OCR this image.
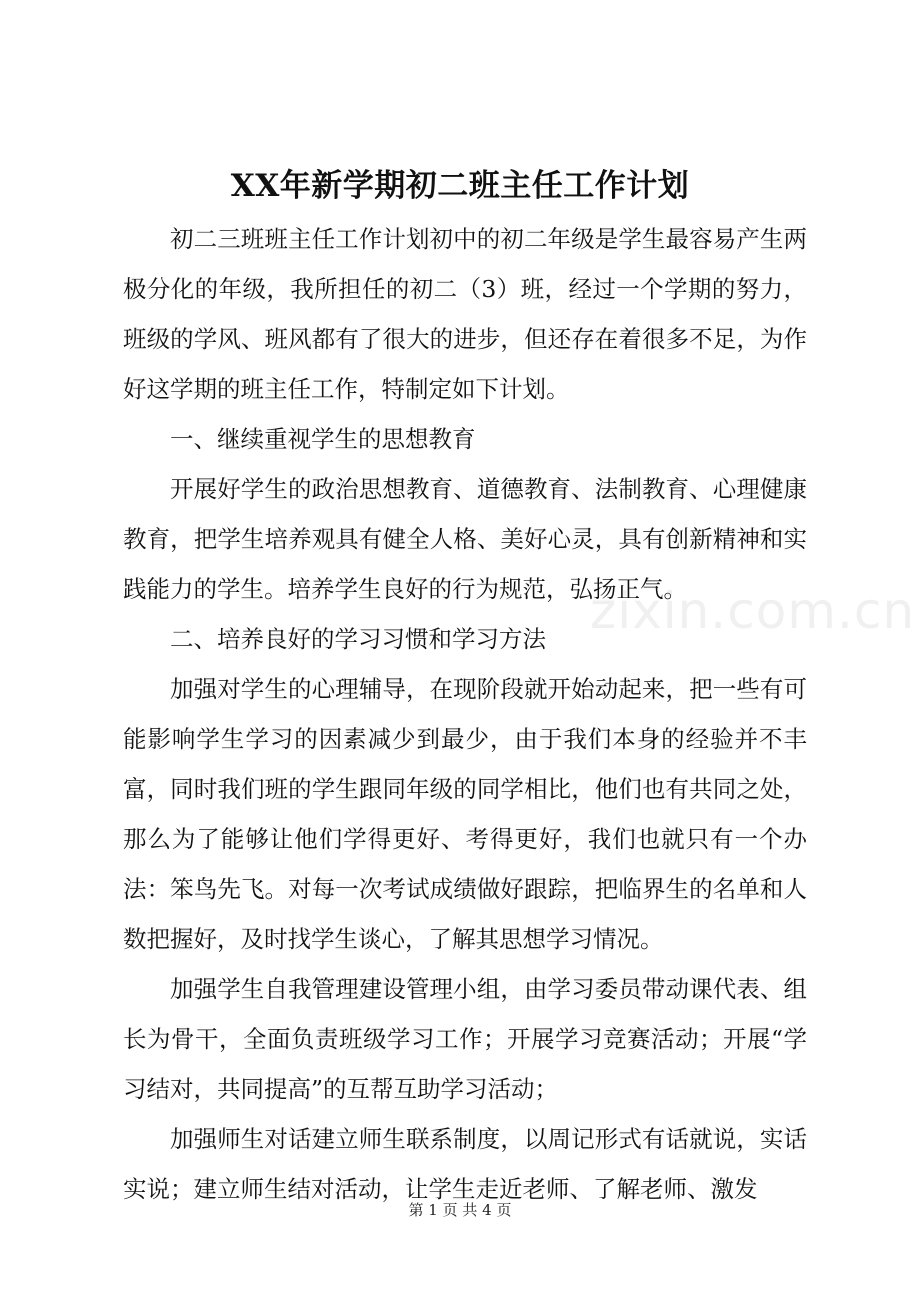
XX年新学期初二班主任工作计划

初二三班班主任工作计划初中的初二年级是学生最容易产生两极分化的年级，我所担任的初二（3）班，经过一个学期的努力，班级的学风、班风都有了很大的进步，但还存在着很多不足，为作好这学期的班主任工作，特制定如下计划。

一、继续重视学生的思想教育

开展好学生的政治思想教育、道德教育、法制教育、心理健康教育，把学生培养观具有健全人格、美好心灵，具有创新精神和实践能力的学生。培养学生良好的行为规范，弘扬正气。

二、培养良好的学习习惯和学习方法

加强对学生的心理辅导，在现阶段就开始动起来，把一些有可能影响学生学习的因素减少到最少，由于我们本身的经验并不丰富，同时我们班的学生跟同年级的同学相比，他们也有共同之处，那么为了能够让他们学得更好、考得更好，我们也就只有一个办法：笨鸟先飞。对每一次考试成绩做好跟踪，把临界生的名单和人数把握好，及时找学生谈心，了解其思想学习情况。

加强学生自我管理建设管理小组，由学习委员带动课代表、组长为骨干，全面负责班级学习工作；开展学习竞赛活动；开展“学习结对，共同提高”的互帮互助学习活动；

加强师生对话建立师生联系制度，以周记形式有话就说，实话实说；建立师生结对活动，让学生走近老师、了解老师、激发

zixin.com.cn
第 1 页 共 4 页
